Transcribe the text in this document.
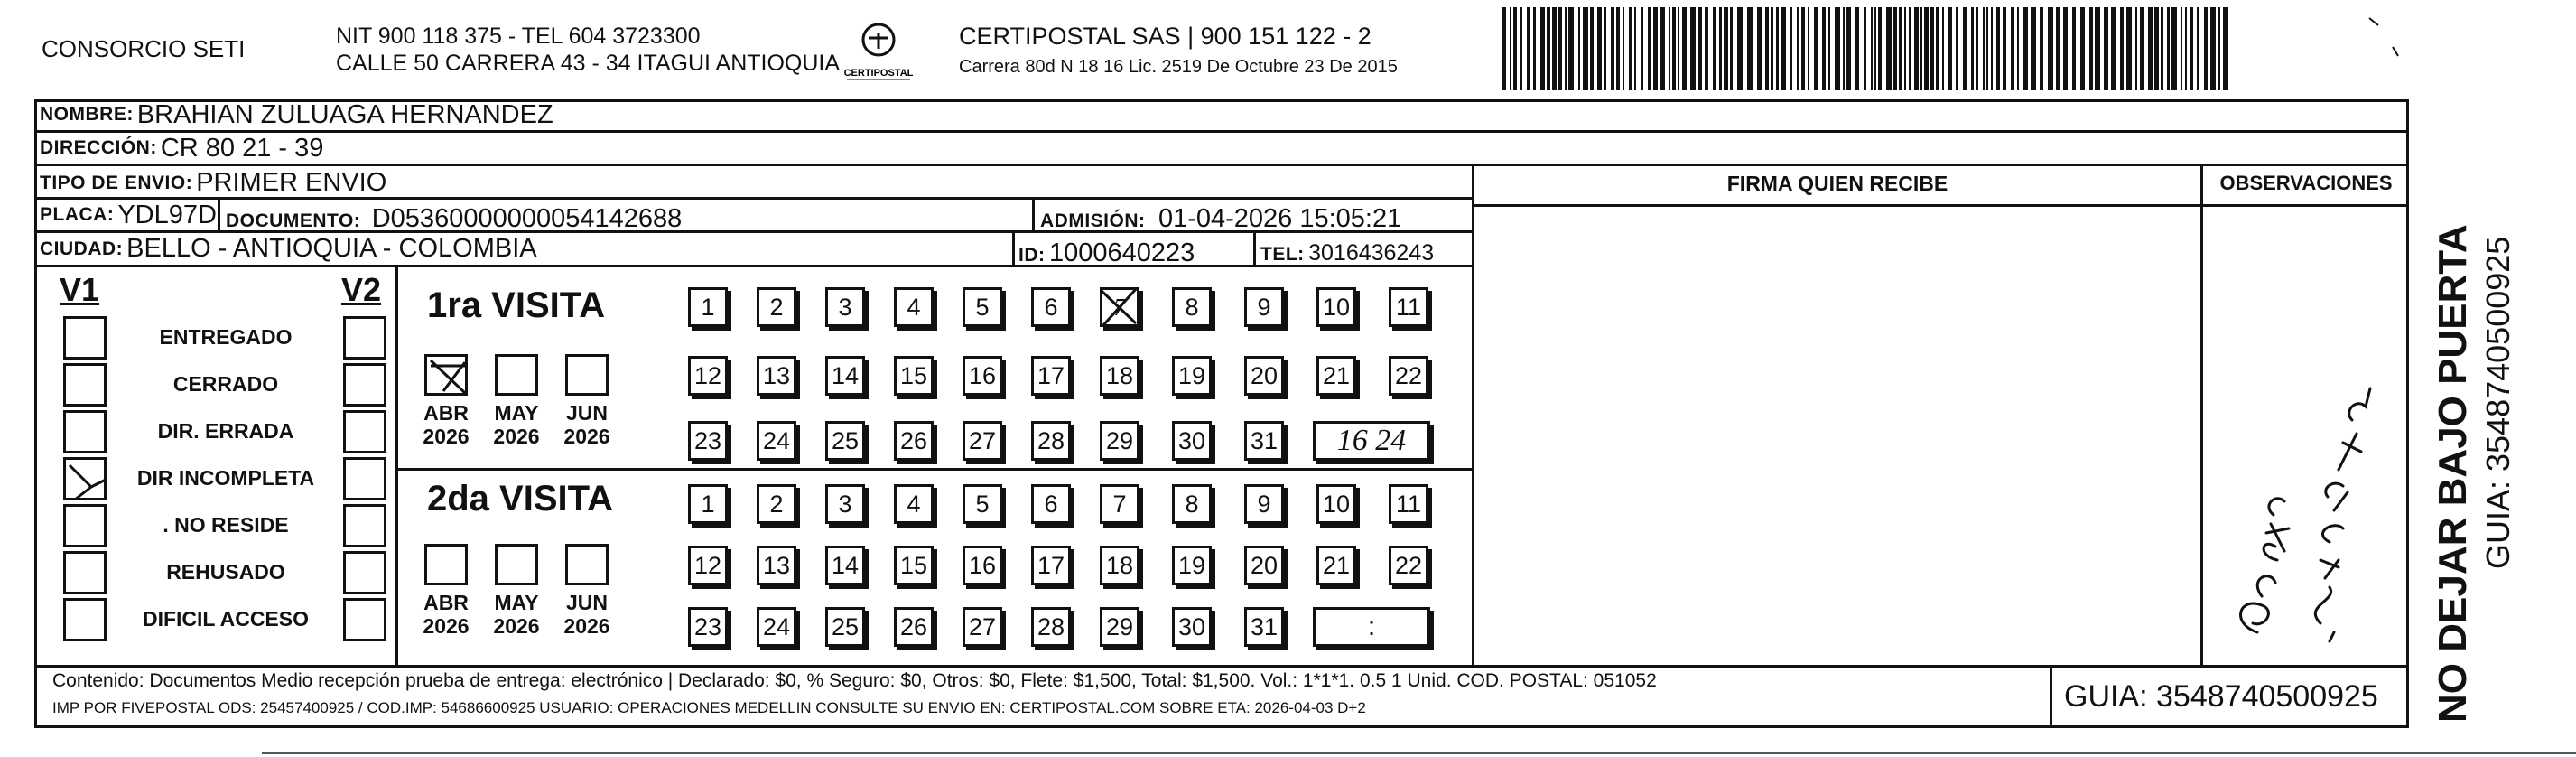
CONSORCIO SETI	NIT 900 118 375 - TEL 604 3723300
CALLE 50 CARRERA 43 - 34 ITAGUI ANTIOQUIA CERTIPOSTAL
CERTIPOSTAL SAS | 900 151 122 - 2
Carrera 80d N 18 16 Lic. 2519 De Octubre 23 De 2015
NOMBRE: BRAHIAN ZULUAGA HERNANDEZ
DIRECCIÓN: CR 80 21 - 39
TIPO DE ENVIO: PRIMER ENVIO	FIRMA QUIEN RECIBE	OBSERVACIONES
PLACA: YDL97D DOCUMENTO: D05360000000054142688	ADMISIÓN: 01-04-2026 15:05:21
CIUDAD: BELLO - ANTIOQUIA - COLOMBIA	ID: 1000640223	TEL: 3016436243
V1	V2
ENTREGADO
CERRADO
DIR. ERRADA
DIR INCOMPLETA
. NO RESIDE
REHUSADO
DIFICIL ACCESO
1ra VISITA
ABR
2026
MAY
2026
JUN
2026
1	2	3	4	5	6	7	8	9	10 11
12 13 14 15 16 17 18 19 20 21 22
23 24 25 26 27 28 29 30 31	16 24
2da VISITA
ABR
2026
MAY
2026
JUN
2026
1	2	3	4	5	6	7	8	9	10 11
12 13 14 15 16 17 18 19 20 21 22
23 24 25 26 27 28 29 30 31	:
Contenido: Documentos Medio recepción prueba de entrega: electrónico | Declarado: $0, % Seguro: $0, Otros: $0, Flete: $1,500, Total: $1,500. Vol.: 1*1*1. 0.5 1 Unid. COD. POSTAL: 051052
IMP POR FIVEPOSTAL ODS: 25457400925 / COD.IMP: 54686600925 USUARIO: OPERACIONES MEDELLIN CONSULTE SU ENVIO EN: CERTIPOSTAL.COM SOBRE ETA: 2026-04-03 D+2	GUIA: 3548740500925 NO DEJAR BAJO PUERTA GUIA: 3548740500925
